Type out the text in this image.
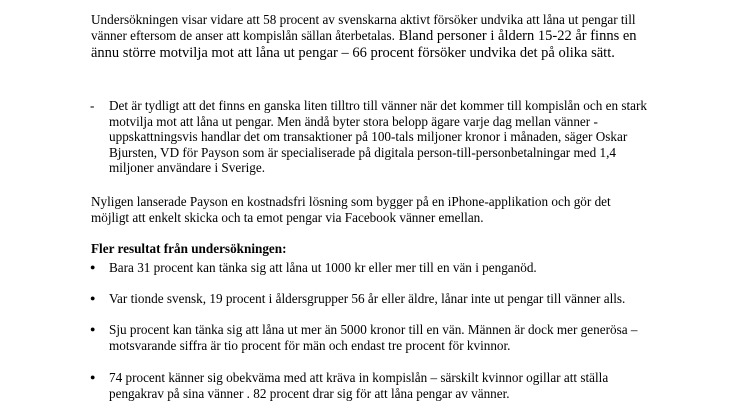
Undersökningen visar vidare att 58 procent av svenskarna aktivt försöker undvika att låna ut pengar till vänner eftersom de anser att kompislån sällan återbetalas. Bland personer i åldern 15-22 år finns en ännu större motvilja mot att låna ut pengar – 66 procent försöker undvika det på olika sätt.
- Det är tydligt att det finns en ganska liten tilltro till vänner när det kommer till kompislån och en stark motvilja mot att låna ut pengar. Men ändå byter stora belopp ägare varje dag mellan vänner - uppskattningsvis handlar det om transaktioner på 100-tals miljoner kronor i månaden, säger Oskar Bjursten, VD för Payson som är specialiserade på digitala person-till-personbetalningar med 1,4 miljoner användare i Sverige.
Nyligen lanserade Payson en kostnadsfri lösning som bygger på en iPhone-applikation och gör det möjligt att enkelt skicka och ta emot pengar via Facebook vänner emellan.
Fler resultat från undersökningen:
● Bara 31 procent kan tänka sig att låna ut 1000 kr eller mer till en vän i penganöd.
● Var tionde svensk, 19 procent i åldersgrupper 56 år eller äldre, lånar inte ut pengar till vänner alls.
● Sju procent kan tänka sig att låna ut mer än 5000 kronor till en vän. Männen är dock mer generösa – motsvarande siffra är tio procent för män och endast tre procent för kvinnor.
● 74 procent känner sig obekväma med att kräva in kompislån – särskilt kvinnor ogillar att ställa pengakrav på sina vänner . 82 procent drar sig för att låna pengar av vänner.
